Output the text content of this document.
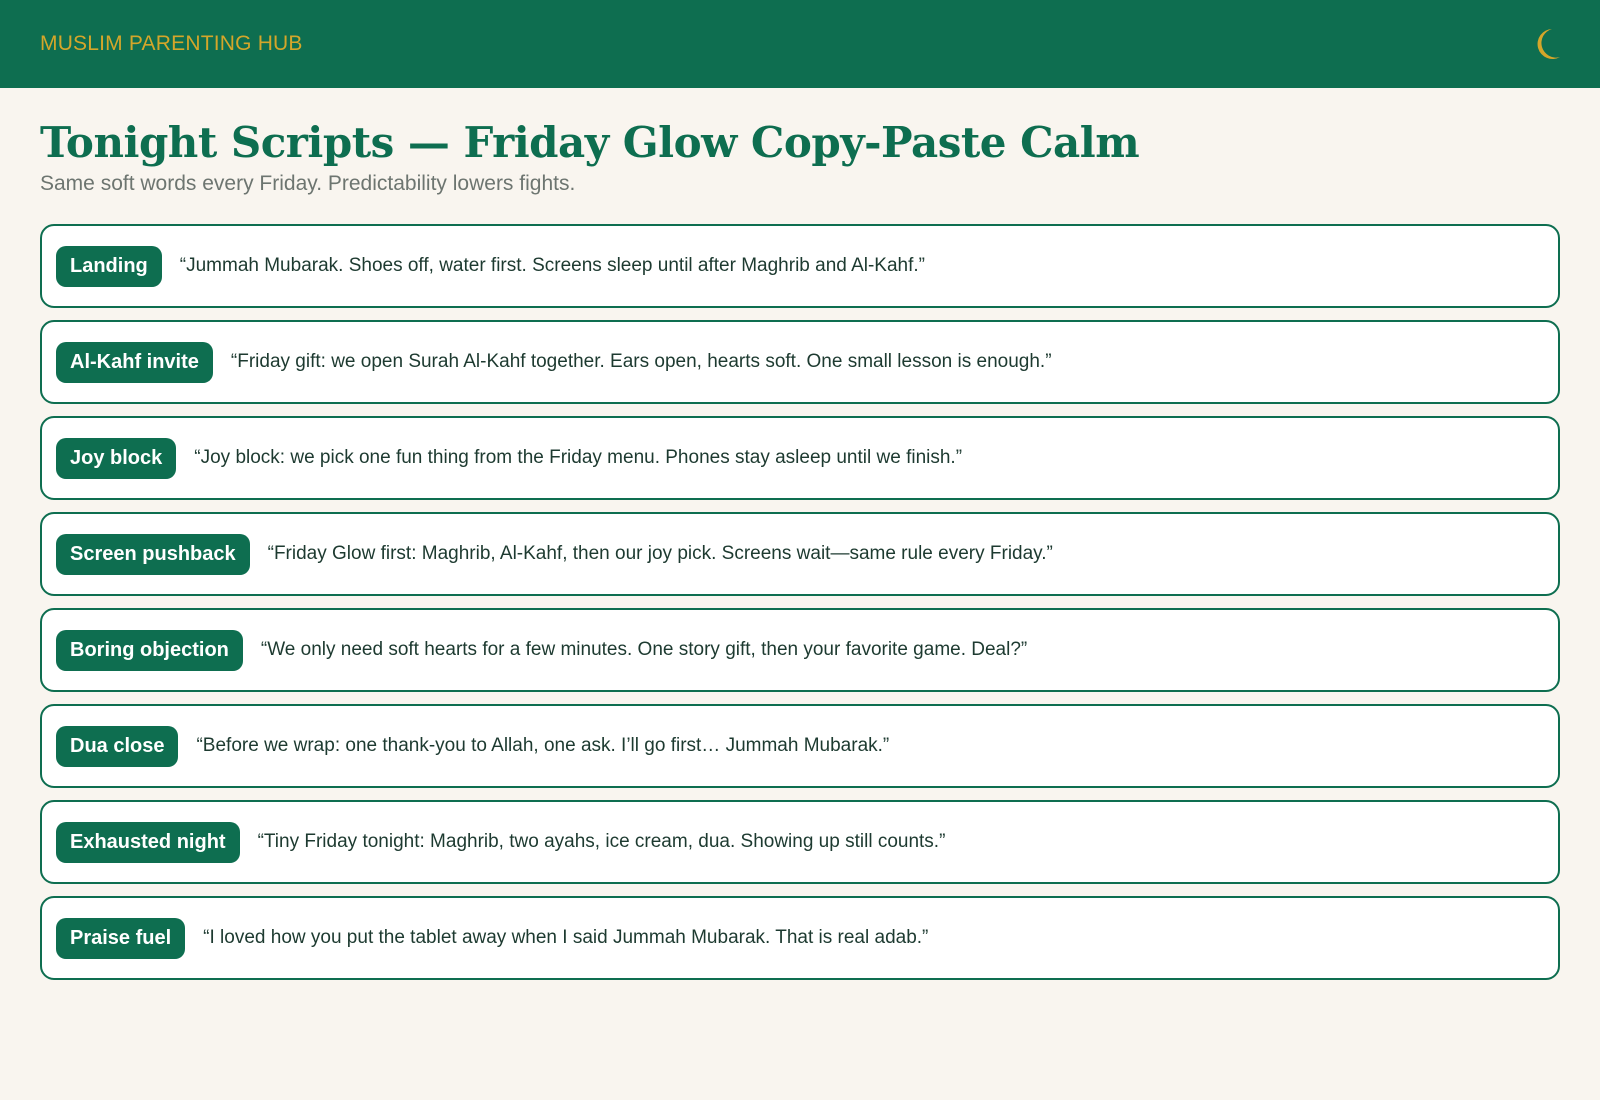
MUSLIM PARENTING HUB
Tonight Scripts — Friday Glow Copy-Paste Calm

Same soft words every Friday. Predictability lowers fights.

Landing	“Jummah Mubarak. Shoes off, water first. Screens sleep until after Maghrib and Al-Kahf.”
Al-Kahf invite	“Friday gift: we open Surah Al-Kahf together. Ears open, hearts soft. One small lesson is enough.”
Joy block	“Joy block: we pick one fun thing from the Friday menu. Phones stay asleep until we finish.”
Screen pushback	“Friday Glow first: Maghrib, Al-Kahf, then our joy pick. Screens wait—same rule every Friday.”
Boring objection	“We only need soft hearts for a few minutes. One story gift, then your favorite game. Deal?”
Dua close	“Before we wrap: one thank-you to Allah, one ask. I’ll go first… Jummah Mubarak.”
Exhausted night	“Tiny Friday tonight: Maghrib, two ayahs, ice cream, dua. Showing up still counts.”
Praise fuel	“I loved how you put the tablet away when I said Jummah Mubarak. That is real adab.”
